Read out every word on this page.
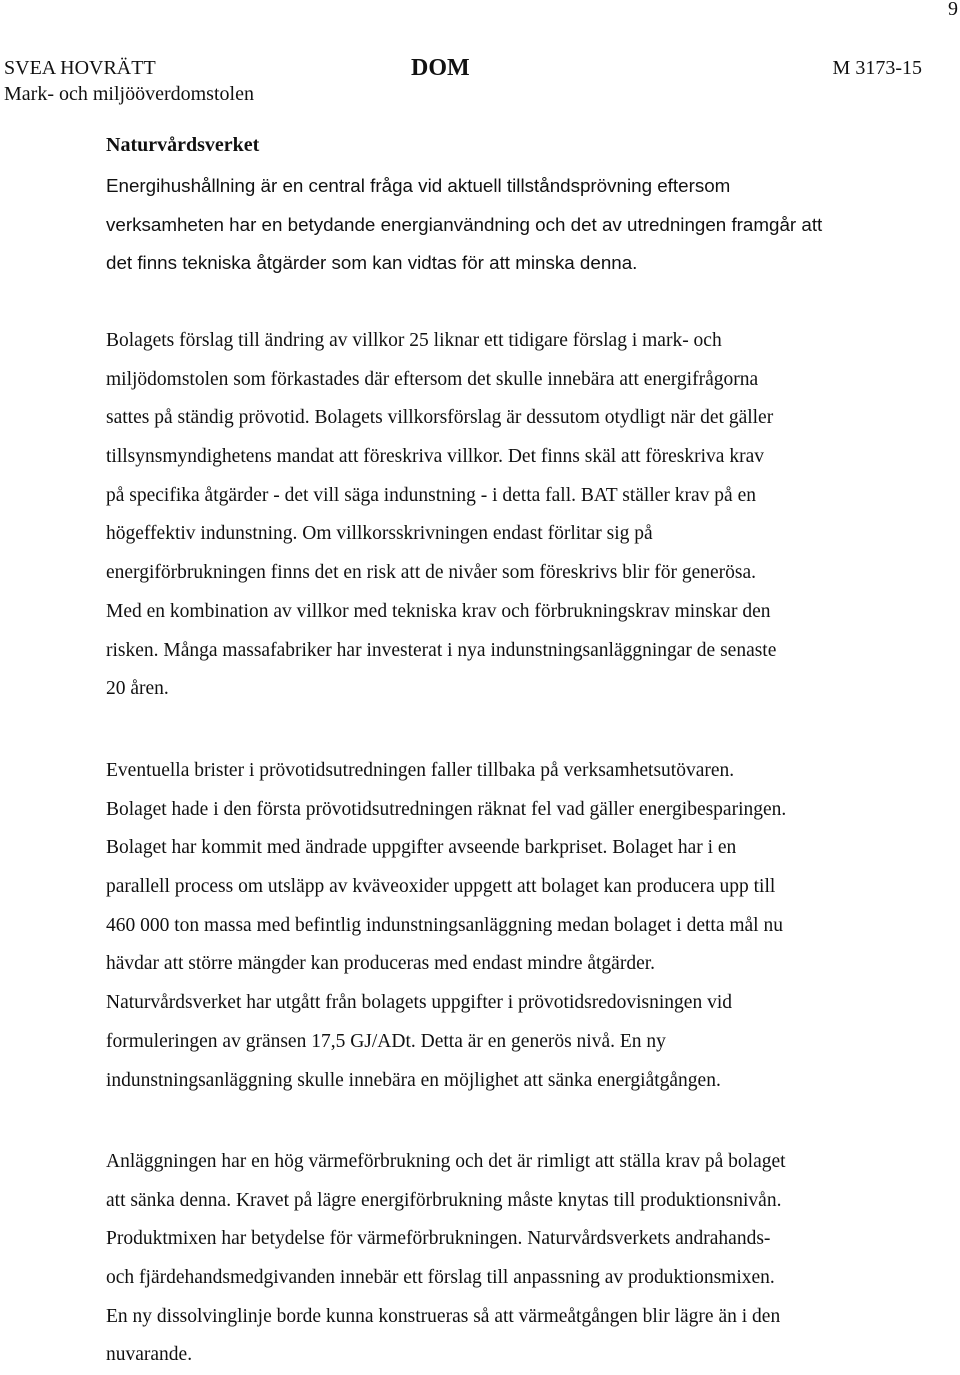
9
SVEA HOVRÄTT
Mark- och miljööverdomstolen
DOM	M 3173-15
Naturvårdsverket
Energihushållning är en central fråga vid aktuell tillståndsprövning eftersom
verksamheten har en betydande energianvändning och det av utredningen framgår att
det finns tekniska åtgärder som kan vidtas för att minska denna.
Bolagets förslag till ändring av villkor 25 liknar ett tidigare förslag i mark- och
miljödomstolen som förkastades där eftersom det skulle innebära att energifrågorna
sattes på ständig prövotid. Bolagets villkorsförslag är dessutom otydligt när det gäller
tillsynsmyndighetens mandat att föreskriva villkor. Det finns skäl att föreskriva krav
på specifika åtgärder - det vill säga indunstning - i detta fall. BAT ställer krav på en
högeffektiv indunstning. Om villkorsskrivningen endast förlitar sig på
energiförbrukningen finns det en risk att de nivåer som föreskrivs blir för generösa.
Med en kombination av villkor med tekniska krav och förbrukningskrav minskar den
risken. Många massafabriker har investerat i nya indunstningsanläggningar de senaste
20 åren.
Eventuella brister i prövotidsutredningen faller tillbaka på verksamhetsutövaren.
Bolaget hade i den första prövotidsutredningen räknat fel vad gäller energibesparingen.
Bolaget har kommit med ändrade uppgifter avseende barkpriset. Bolaget har i en
parallell process om utsläpp av kväveoxider uppgett att bolaget kan producera upp till
460 000 ton massa med befintlig indunstningsanläggning medan bolaget i detta mål nu
hävdar att större mängder kan produceras med endast mindre åtgärder.
Naturvårdsverket har utgått från bolagets uppgifter i prövotidsredovisningen vid
formuleringen av gränsen 17,5 GJ/ADt. Detta är en generös nivå. En ny
indunstningsanläggning skulle innebära en möjlighet att sänka energiåtgången.
Anläggningen har en hög värmeförbrukning och det är rimligt att ställa krav på bolaget
att sänka denna. Kravet på lägre energiförbrukning måste knytas till produktionsnivån.
Produktmixen har betydelse för värmeförbrukningen. Naturvårdsverkets andrahands-
och fjärdehandsmedgivanden innebär ett förslag till anpassning av produktionsmixen.
En ny dissolvinglinje borde kunna konstrueras så att värmeåtgången blir lägre än i den
nuvarande.
